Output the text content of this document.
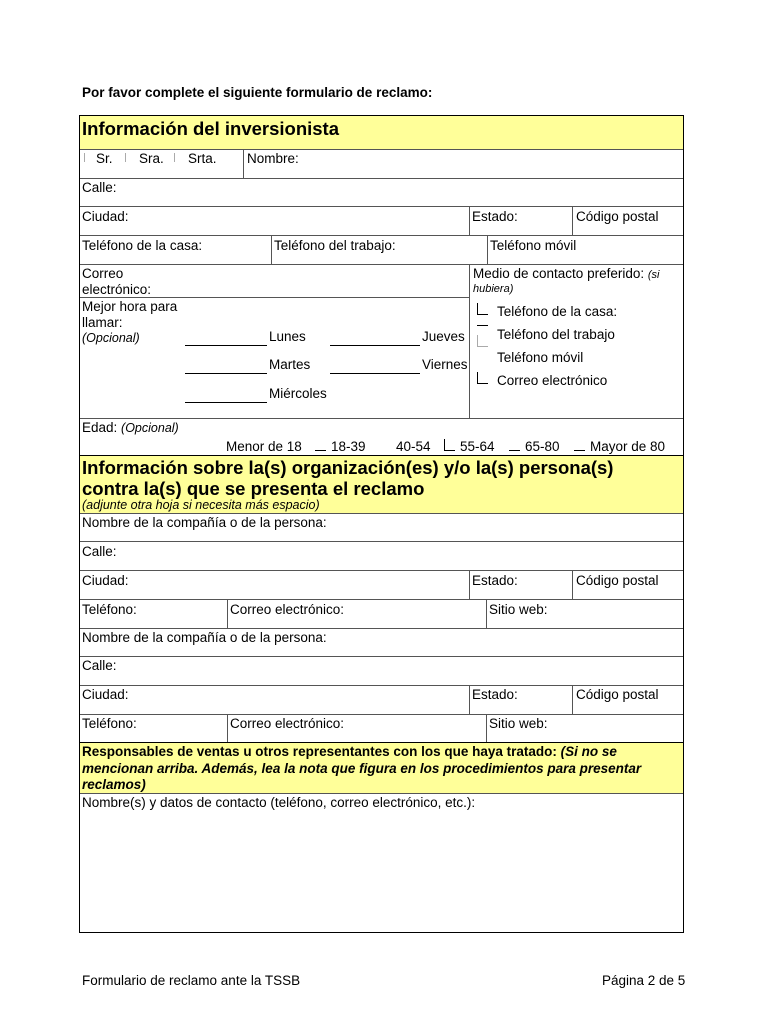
Por favor complete el siguiente formulario de reclamo:
Información del inversionista
Sr. Sra. Srta. Nombre:
Calle:
Ciudad:	Estado:	Código postal
Teléfono de la casa:	Teléfono del trabajo:	Teléfono móvil
Correo electrónico:
Mejor hora para llamar:
(Opcional)	Lunes	Jueves
Martes	Viernes
Miércoles
Medio de contacto preferido: (si
hubiera)
Teléfono de la casa:
Teléfono del trabajo
Teléfono móvil
Correo electrónico
Edad: (Opcional)
Menor de 18 18-39 40-54 55-64 65-80 Mayor de 80
Información sobre la(s) organización(es) y/o la(s) persona(s) contra la(s) que se presenta el reclamo
(adjunte otra hoja si necesita más espacio)
Nombre de la compañía o de la persona:
Calle:
Ciudad:	Estado:	Código postal
Teléfono:	Correo electrónico:	Sitio web:
Nombre de la compañía o de la persona:
Calle:
Ciudad:	Estado:	Código postal
Teléfono:	Correo electrónico:	Sitio web:
Responsables de ventas u otros representantes con los que haya tratado: (Si no se mencionan arriba. Además, lea la nota que figura en los procedimientos para presentar reclamos)
Nombre(s) y datos de contacto (teléfono, correo electrónico, etc.):
Formulario de reclamo ante la TSSB	Página 2 de 5
